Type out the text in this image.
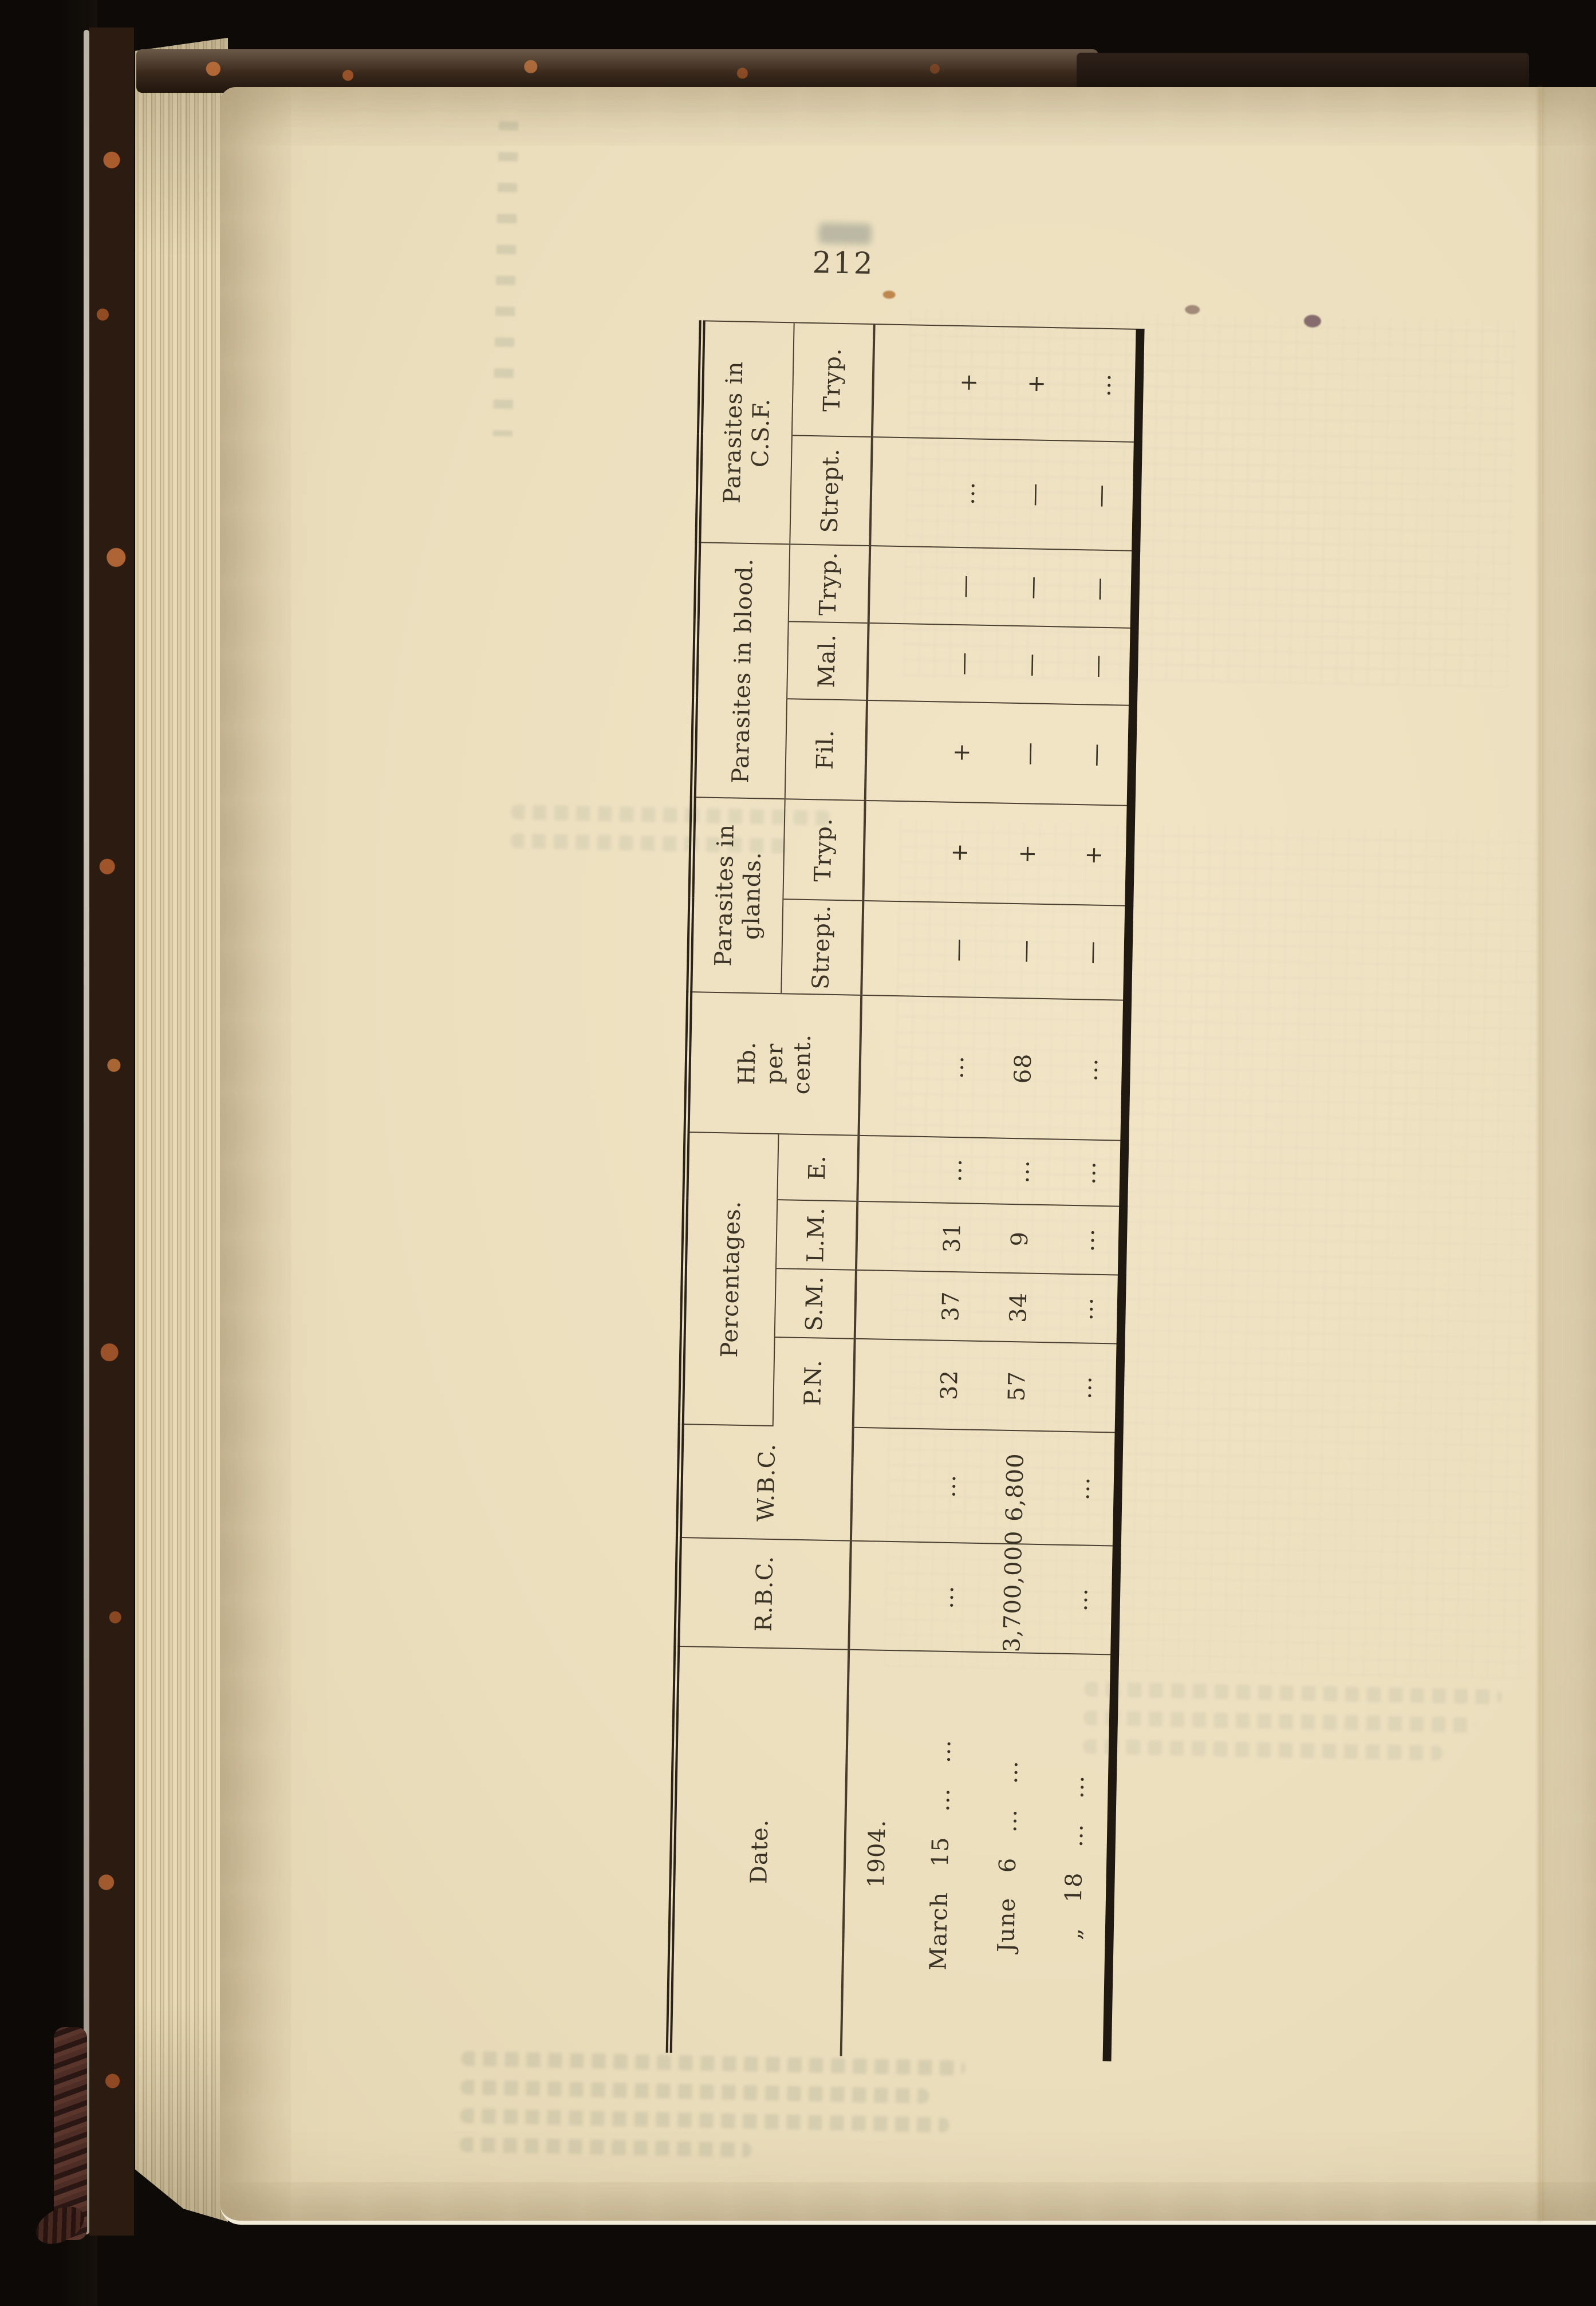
212
Date.	R.B.C.	W.B.C.	Percentages.				Hb. per cent.	Parasites in glands.		Parasites in blood.			Parasites in C.S.F.	
			P.N.	S.M.	L.M.	E.		Strept.	Tryp.	Fil.	Mal.	Tryp.	Strept.	Tryp.
1904.														
March 15 ... ...	...	...	32	37	31	...	...	—	+	+	—	—	...	+
June 6 ... ...	3,700,000	6,800	57	34	9	...	68	—	+	—	—	—	—	+
„ 18 ... ...	...	...	...	...	...	...	...	—	+	—	—	—	—	...
